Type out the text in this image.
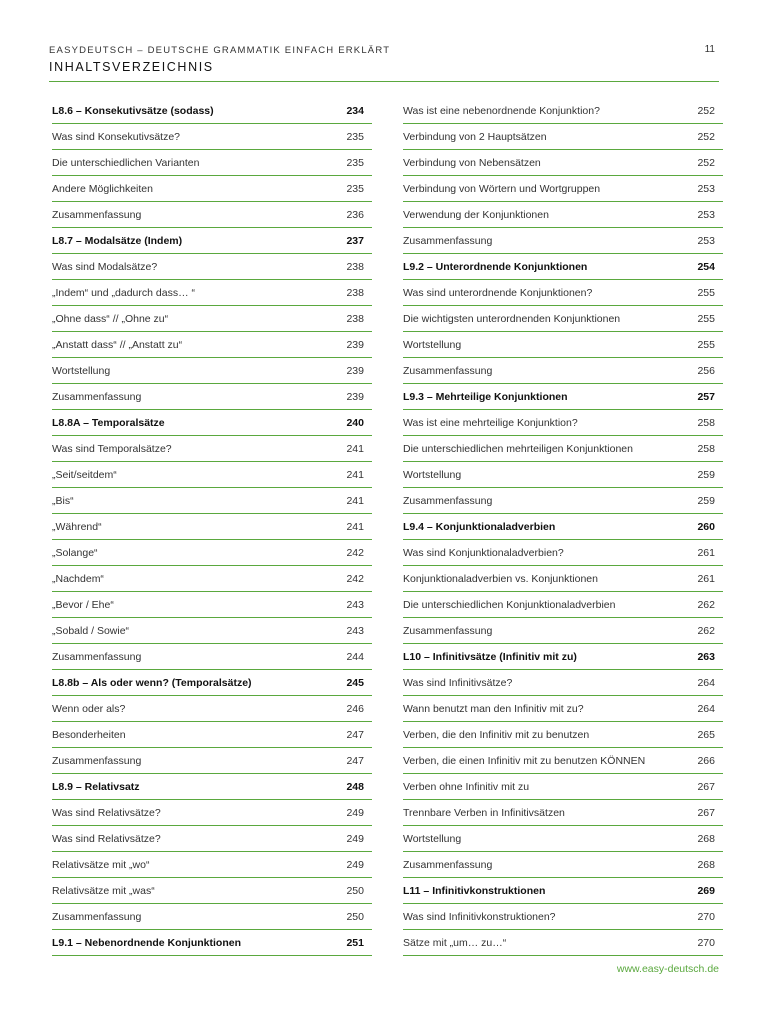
EASYDEUTSCH – DEUTSCHE GRAMMATIK EINFACH ERKLÄRT
INHALTSVERZEICHNIS
11
L8.6 – Konsekutivsätze (sodass)	234
Was sind Konsekutivsätze?	235
Die unterschiedlichen Varianten	235
Andere Möglichkeiten	235
Zusammenfassung	236
L8.7 – Modalsätze (Indem)	237
Was sind Modalsätze?	238
„Indem“ und „dadurch dass… “	238
„Ohne dass“ // „Ohne zu“	238
„Anstatt dass“ // „Anstatt zu“	239
Wortstellung	239
Zusammenfassung	239
L8.8A – Temporalsätze	240
Was sind Temporalsätze?	241
„Seit/seitdem“	241
„Bis“	241
„Während“	241
„Solange“	242
„Nachdem“	242
„Bevor / Ehe“	243
„Sobald / Sowie“	243
Zusammenfassung	244
L8.8b – Als oder wenn? (Temporalsätze)	245
Wenn oder als?	246
Besonderheiten	247
Zusammenfassung	247
L8.9 – Relativsatz	248
Was sind Relativsätze?	249
Was sind Relativsätze?	249
Relativsätze mit „wo“	249
Relativsätze mit „was“	250
Zusammenfassung	250
L9.1 – Nebenordnende Konjunktionen	251
Was ist eine nebenordnende Konjunktion?	252
Verbindung von 2 Hauptsätzen	252
Verbindung von Nebensätzen	252
Verbindung von Wörtern und Wortgruppen	253
Verwendung der Konjunktionen	253
Zusammenfassung	253
L9.2 – Unterordnende Konjunktionen	254
Was sind unterordnende Konjunktionen?	255
Die wichtigsten unterordnenden Konjunktionen	255
Wortstellung	255
Zusammenfassung	256
L9.3 – Mehrteilige Konjunktionen	257
Was ist eine mehrteilige Konjunktion?	258
Die unterschiedlichen mehrteiligen Konjunktionen	258
Wortstellung	259
Zusammenfassung	259
L9.4 – Konjunktionaladverbien	260
Was sind Konjunktionaladverbien?	261
Konjunktionaladverbien vs. Konjunktionen	261
Die unterschiedlichen Konjunktionaladverbien	262
Zusammenfassung	262
L10 – Infinitivsätze (Infinitiv mit zu)	263
Was sind Infinitivsätze?	264
Wann benutzt man den Infinitiv mit zu?	264
Verben, die den Infinitiv mit zu benutzen	265
Verben, die einen Infinitiv mit zu benutzen KÖNNEN	266
Verben ohne Infinitiv mit zu	267
Trennbare Verben in Infinitivsätzen	267
Wortstellung	268
Zusammenfassung	268
L11 – Infinitivkonstruktionen	269
Was sind Infinitivkonstruktionen?	270
Sätze mit „um… zu…“	270
www.easy-deutsch.de
